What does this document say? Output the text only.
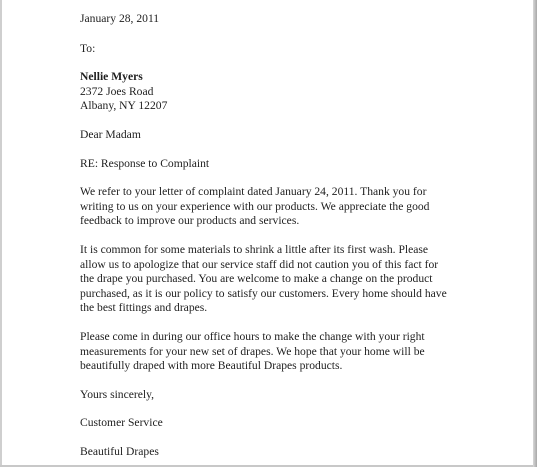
January 28, 2011

To:

Nellie Myers

2372 Joes Road

Albany, NY 12207

Dear Madam

RE: Response to Complaint

We refer to your letter of complaint dated January 24, 2011. Thank you for

writing to us on your experience with our products. We appreciate the good

feedback to improve our products and services.

It is common for some materials to shrink a little after its first wash. Please

allow us to apologize that our service staff did not caution you of this fact for

the drape you purchased. You are welcome to make a change on the product

purchased, as it is our policy to satisfy our customers. Every home should have

the best fittings and drapes.

Please come in during our office hours to make the change with your right

measurements for your new set of drapes. We hope that your home will be

beautifully draped with more Beautiful Drapes products.

Yours sincerely,

Customer Service

Beautiful Drapes
